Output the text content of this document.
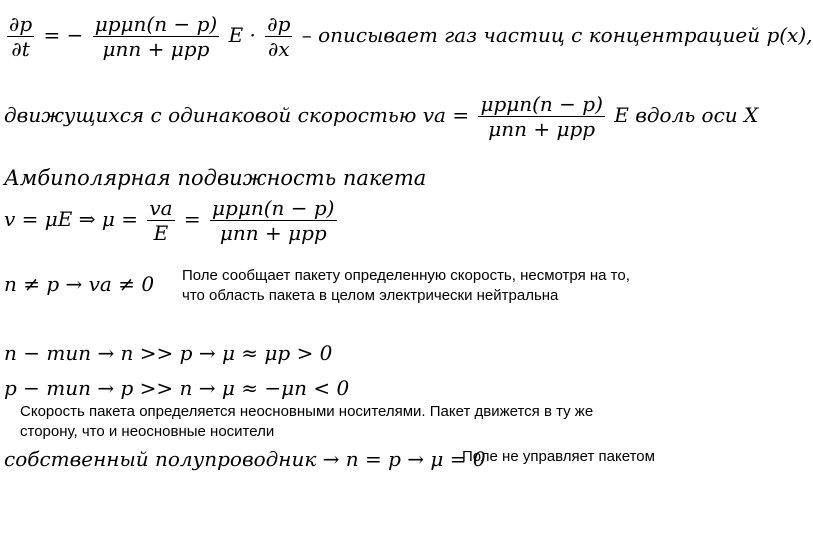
$\frac{\partial p}{\partial t}$ = − $\frac{\text{μpμn(n − p)}}{\text{μnn + μpp}}$ $E \cdot \frac{\partial p}{\partial x}$ – описывает газ частиц с концентрацией p(x),
движущихся с одинаковой скоростью va = $\frac{\text{μpμn(n − p)}}{\text{μnn + μpp}}$ E вдоль оси X
Амбиполярная подвижность пакета
v = μE ⇒ $\mu = \frac{va}{E} = \frac{\text{μpμn(n − p)}}{\text{μnn + μpp}}$
n ≠ p → va ≠ 0 Поле сообщает пакету определенную скорость, несмотря на то,
что область пакета в целом электрически нейтральна
n − тип → n >> p → μ ≈ μp > 0
p − тип → p >> n → μ ≈ −μn < 0
Скорость пакета определяется неосновными носителями. Пакет движется в ту же
сторону, что и неосновные носители
собственный полупроводник → n = p → μ = 0
Поле не управляет пакетом
